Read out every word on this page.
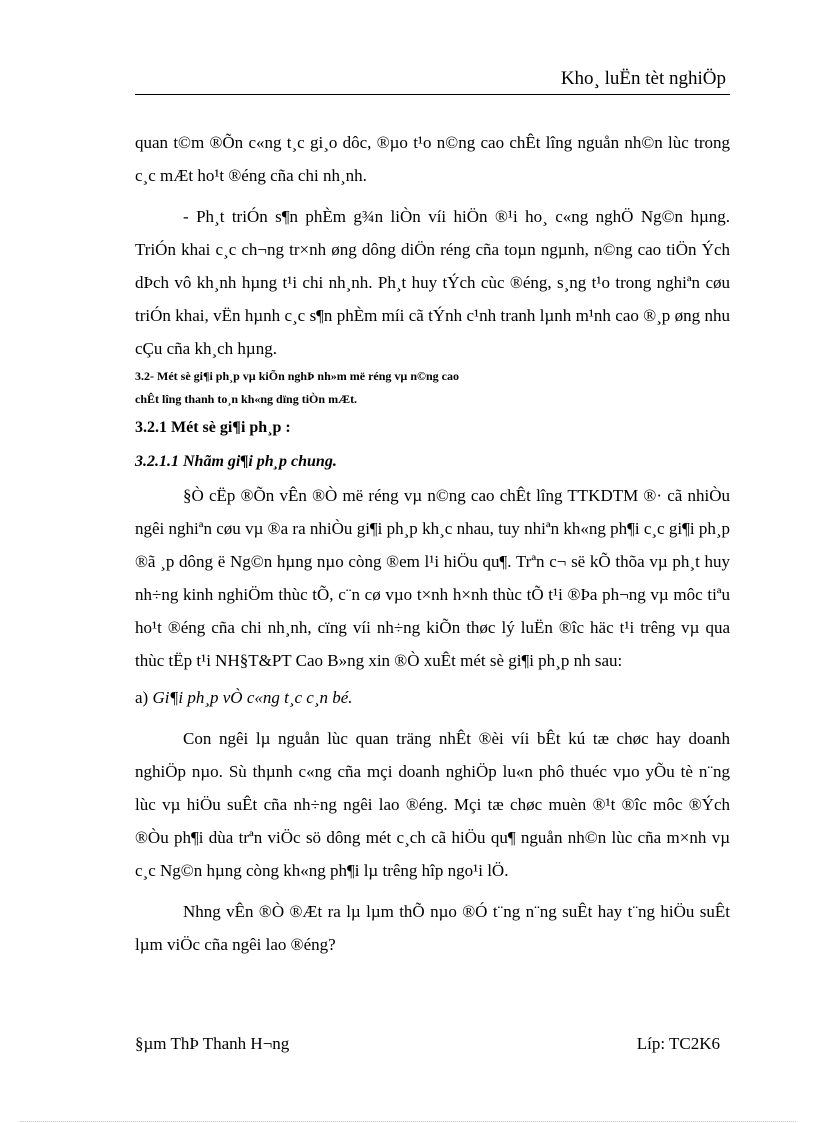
Kho¸ luËn tèt nghiÖp

quan t©m ®Õn c«ng t¸c gi¸o dôc, ®µo t¹o n©ng cao chÊt lîng nguån nh©n lùc trong c¸c mÆt ho¹t ®éng cña chi nh¸nh.

- Ph¸t triÓn s¶n phÈm g¾n liÒn víi hiÖn ®¹i ho¸ c«ng nghÖ Ng©n hµng. TriÓn khai c¸c ch¬ng tr×nh øng dông diÖn réng cña toµn ngµnh, n©ng cao tiÖn Ých dÞch vô kh¸nh hµng t¹i chi nh¸nh. Ph¸t huy tÝch cùc ®éng, s¸ng t¹o trong nghiªn cøu triÓn khai, vËn hµnh c¸c s¶n phÈm míi cã tÝnh c¹nh tranh lµnh m¹nh cao ®¸p øng nhu cÇu cña kh¸ch hµng.

3.2- Mét sè gi¶i ph¸p vµ kiÕn nghÞ nh»m më réng vµ n©ng cao

chÊt lîng thanh to¸n kh«ng dïng tiÒn mÆt.

3.2.1 Mét sè gi¶i ph¸p :

3.2.1.1 Nhãm gi¶i ph¸p chung.

§Ò cËp ®Õn vÊn ®Ò më réng vµ n©ng cao chÊt lîng TTKDTM ®· cã nhiÒu ngêi nghiªn cøu vµ ®a ra nhiÒu gi¶i ph¸p kh¸c nhau, tuy nhiªn kh«ng ph¶i c¸c gi¶i ph¸p ®ã ¸p dông ë Ng©n hµng nµo còng ®em l¹i hiÖu qu¶. Trªn c¬ së kÕ thõa vµ ph¸t huy nh÷ng kinh nghiÖm thùc tÕ, c¨n cø vµo t×nh h×nh thùc tÕ t¹i ®Þa ph¬ng vµ môc tiªu ho¹t ®éng cña chi nh¸nh, cïng víi nh÷ng kiÕn thøc lý luËn ®îc häc t¹i trêng vµ qua thùc tËp t¹i NH§T&PT Cao B»ng xin ®Ò xuÊt mét sè gi¶i ph¸p nh sau:

a) Gi¶i ph¸p vÒ c«ng t¸c c¸n bé.

Con ngêi lµ nguån lùc quan träng nhÊt ®èi víi bÊt kú tæ chøc hay doanh nghiÖp nµo. Sù thµnh c«ng cña mçi doanh nghiÖp lu«n phô thuéc vµo yÕu tè n¨ng lùc vµ hiÖu suÊt cña nh÷ng ngêi lao ®éng. Mçi tæ chøc muèn ®¹t ®îc môc ®Ých ®Òu ph¶i dùa trªn viÖc sö dông mét c¸ch cã hiÖu qu¶ nguån nh©n lùc cña m×nh vµ c¸c Ng©n hµng còng kh«ng ph¶i lµ trêng hîp ngo¹i lÖ.

Nhng vÊn ®Ò ®Æt ra lµ lµm thÕ nµo ®Ó t¨ng n¨ng suÊt hay t¨ng hiÖu suÊt lµm viÖc cña ngêi lao ®éng?

§µm ThÞ Thanh H¬ng	Líp: TC2K6
